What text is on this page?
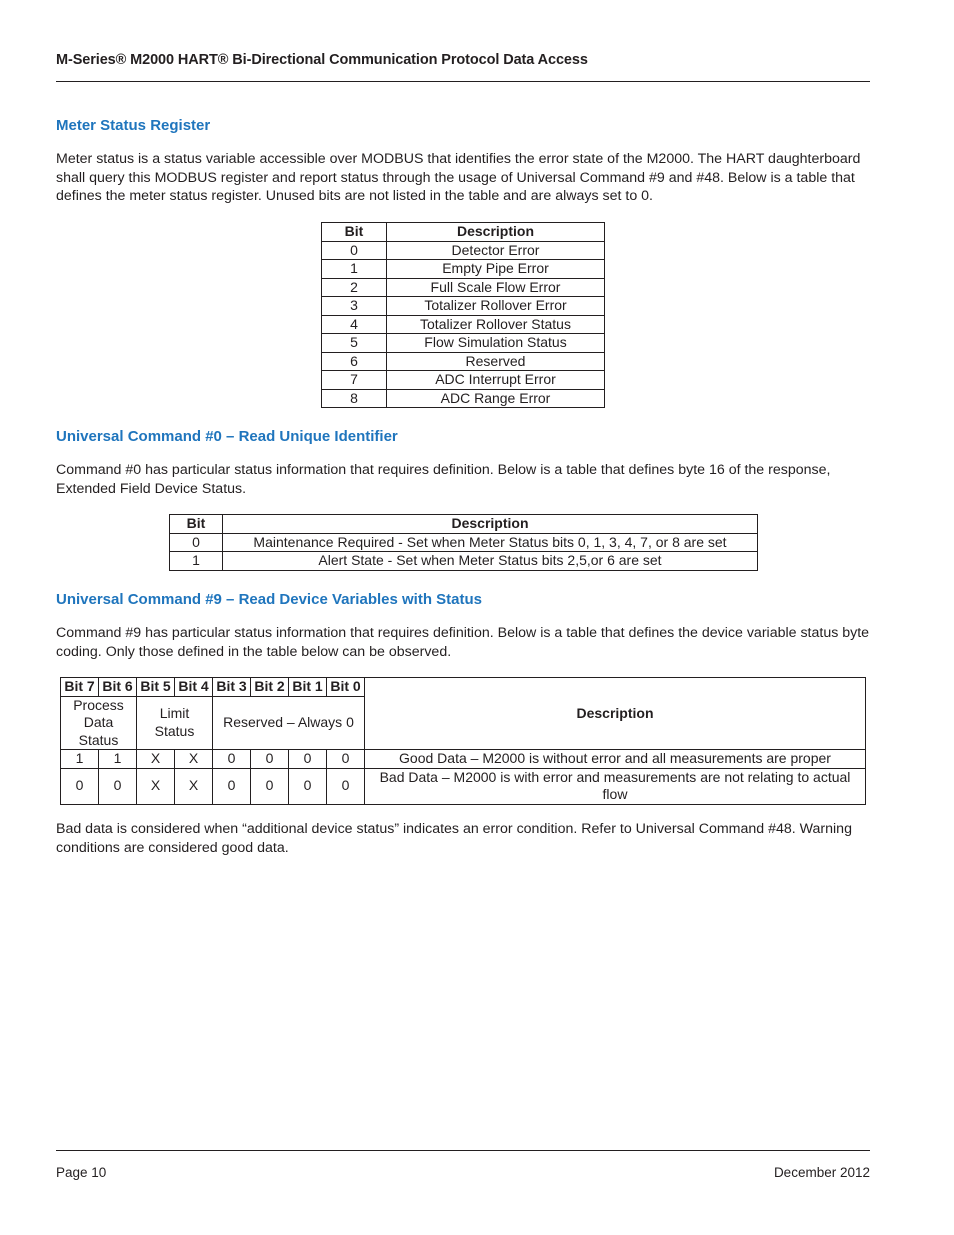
M-Series® M2000 HART® Bi-Directional Communication Protocol Data Access
Meter Status Register

Meter status is a status variable accessible over MODBUS that identifies the error state of the M2000. The HART daughterboard shall query this MODBUS register and report status through the usage of Universal Command #9 and #48. Below is a table that defines the meter status register. Unused bits are not listed in the table and are always set to 0.

Bit	Description
0	Detector Error
1	Empty Pipe Error
2	Full Scale Flow Error
3	Totalizer Rollover Error
4	Totalizer Rollover Status
5	Flow Simulation Status
6	Reserved
7	ADC Interrupt Error
8	ADC Range Error
Universal Command #0 – Read Unique Identifier

Command #0 has particular status information that requires definition. Below is a table that defines byte 16 of the response, Extended Field Device Status.

Bit	Description
0	Maintenance Required - Set when Meter Status bits 0, 1, 3, 4, 7, or 8 are set
1	Alert State - Set when Meter Status bits 2,5,or 6 are set
Universal Command #9 – Read Device Variables with Status

Command #9 has particular status information that requires definition. Below is a table that defines the device variable status byte coding. Only those defined in the table below can be observed.

Bit 7	Bit 6	Bit 5	Bit 4	Bit 3	Bit 2	Bit 1	Bit 0	Description
Process Data Status		Limit Status		Reserved – Always 0				
1	1	X	X	0	0	0	0	Good Data – M2000 is without error and all measurements are proper
0	0	X	X	0	0	0	0	Bad Data – M2000 is with error and measurements are not relating to actual flow

Bad data is considered when “additional device status” indicates an error condition. Refer to Universal Command #48. Warning conditions are considered good data.

Page 10	December 2012
